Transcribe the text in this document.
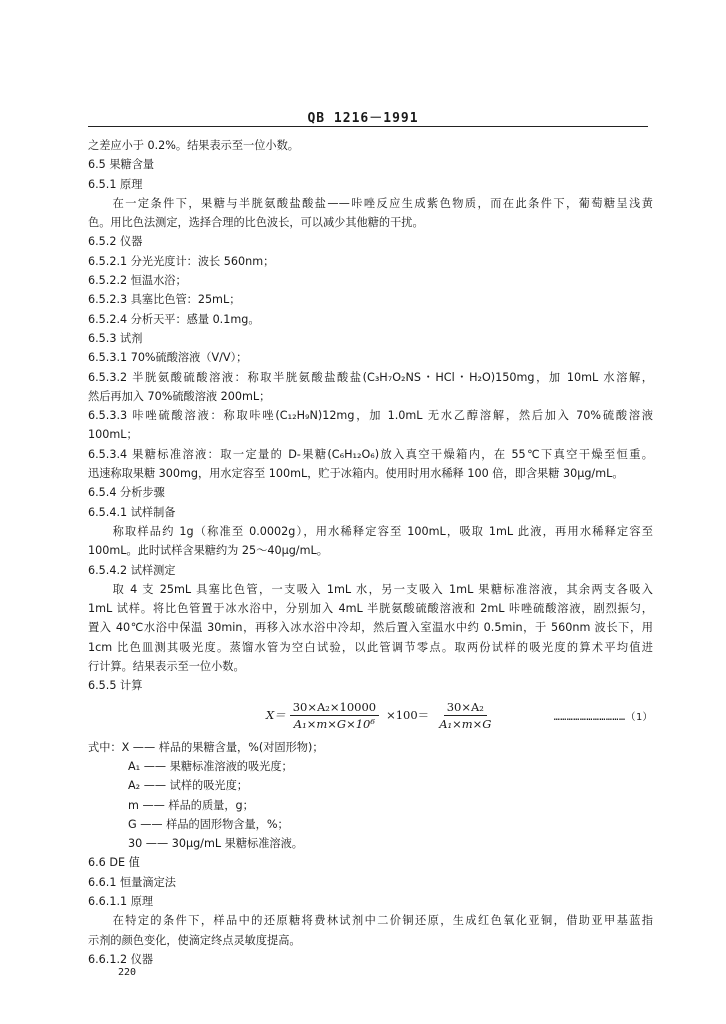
QB 1216－1991
之差应小于 0.2%。结果表示至一位小数。
6.5 果糖含量
6.5.1 原理
在一定条件下，果糖与半胱氨酸盐酸盐——咔唑反应生成紫色物质，而在此条件下，葡萄糖呈浅黄
色。用比色法测定，选择合理的比色波长，可以减少其他糖的干扰。
6.5.2 仪器
6.5.2.1 分光光度计：波长 560nm；
6.5.2.2 恒温水浴；
6.5.2.3 具塞比色管：25mL；
6.5.2.4 分析天平：感量 0.1mg。
6.5.3 试剂
6.5.3.1 70%硫酸溶液（V/V）；
6.5.3.2 半胱氨酸硫酸溶液：称取半胱氨酸盐酸盐(C₃H₇O₂NS・HCl・H₂O)150mg，加 10mL 水溶解，
然后再加入 70%硫酸溶液 200mL；
6.5.3.3 咔唑硫酸溶液：称取咔唑(C₁₂H₉N)12mg，加 1.0mL 无水乙醇溶解，然后加入 70%硫酸溶液
100mL；
6.5.3.4 果糖标准溶液：取一定量的 D-果糖(C₆H₁₂O₆)放入真空干燥箱内，在 55℃下真空干燥至恒重。
迅速称取果糖 300mg，用水定容至 100mL，贮于冰箱内。使用时用水稀释 100 倍，即含果糖 30μg/mL。
6.5.4 分析步骤
6.5.4.1 试样制备
称取样品约 1g（称准至 0.0002g），用水稀释定容至 100mL，吸取 1mL 此液，再用水稀释定容至
100mL。此时试样含果糖约为 25～40μg/mL。
6.5.4.2 试样测定
取 4 支 25mL 具塞比色管，一支吸入 1mL 水，另一支吸入 1mL 果糖标准溶液，其余两支各吸入
1mL 试样。将比色管置于冰水浴中，分别加入 4mL 半胱氨酸硫酸溶液和 2mL 咔唑硫酸溶液，剧烈振匀，
置入 40℃水浴中保温 30min，再移入冰水浴中冷却，然后置入室温水中约 0.5min，于 560nm 波长下，用
1cm 比色皿测其吸光度。蒸馏水管为空白试验，以此管调节零点。取两份试样的吸光度的算术平均值进
行计算。结果表示至一位小数。
6.5.5 计算
$X= \frac{\text{30×A₂×10000}}{\text{A₁×m×G×10⁶}} \times 100= \frac{\text{30×A₂}}{\text{A₁×m×G}}$	……………………………（1）
式中：X —— 样品的果糖含量，%(对固形物)；
A₁ —— 果糖标准溶液的吸光度；
A₂ —— 试样的吸光度；
m —— 样品的质量，g；
G —— 样品的固形物含量，%；
30 —— 30μg/mL 果糖标准溶液。
6.6 DE 值
6.6.1 恒量滴定法
6.6.1.1 原理
在特定的条件下，样品中的还原糖将费林试剂中二价铜还原，生成红色氧化亚铜，借助亚甲基蓝指
示剂的颜色变化，使滴定终点灵敏度提高。
6.6.1.2 仪器
220
